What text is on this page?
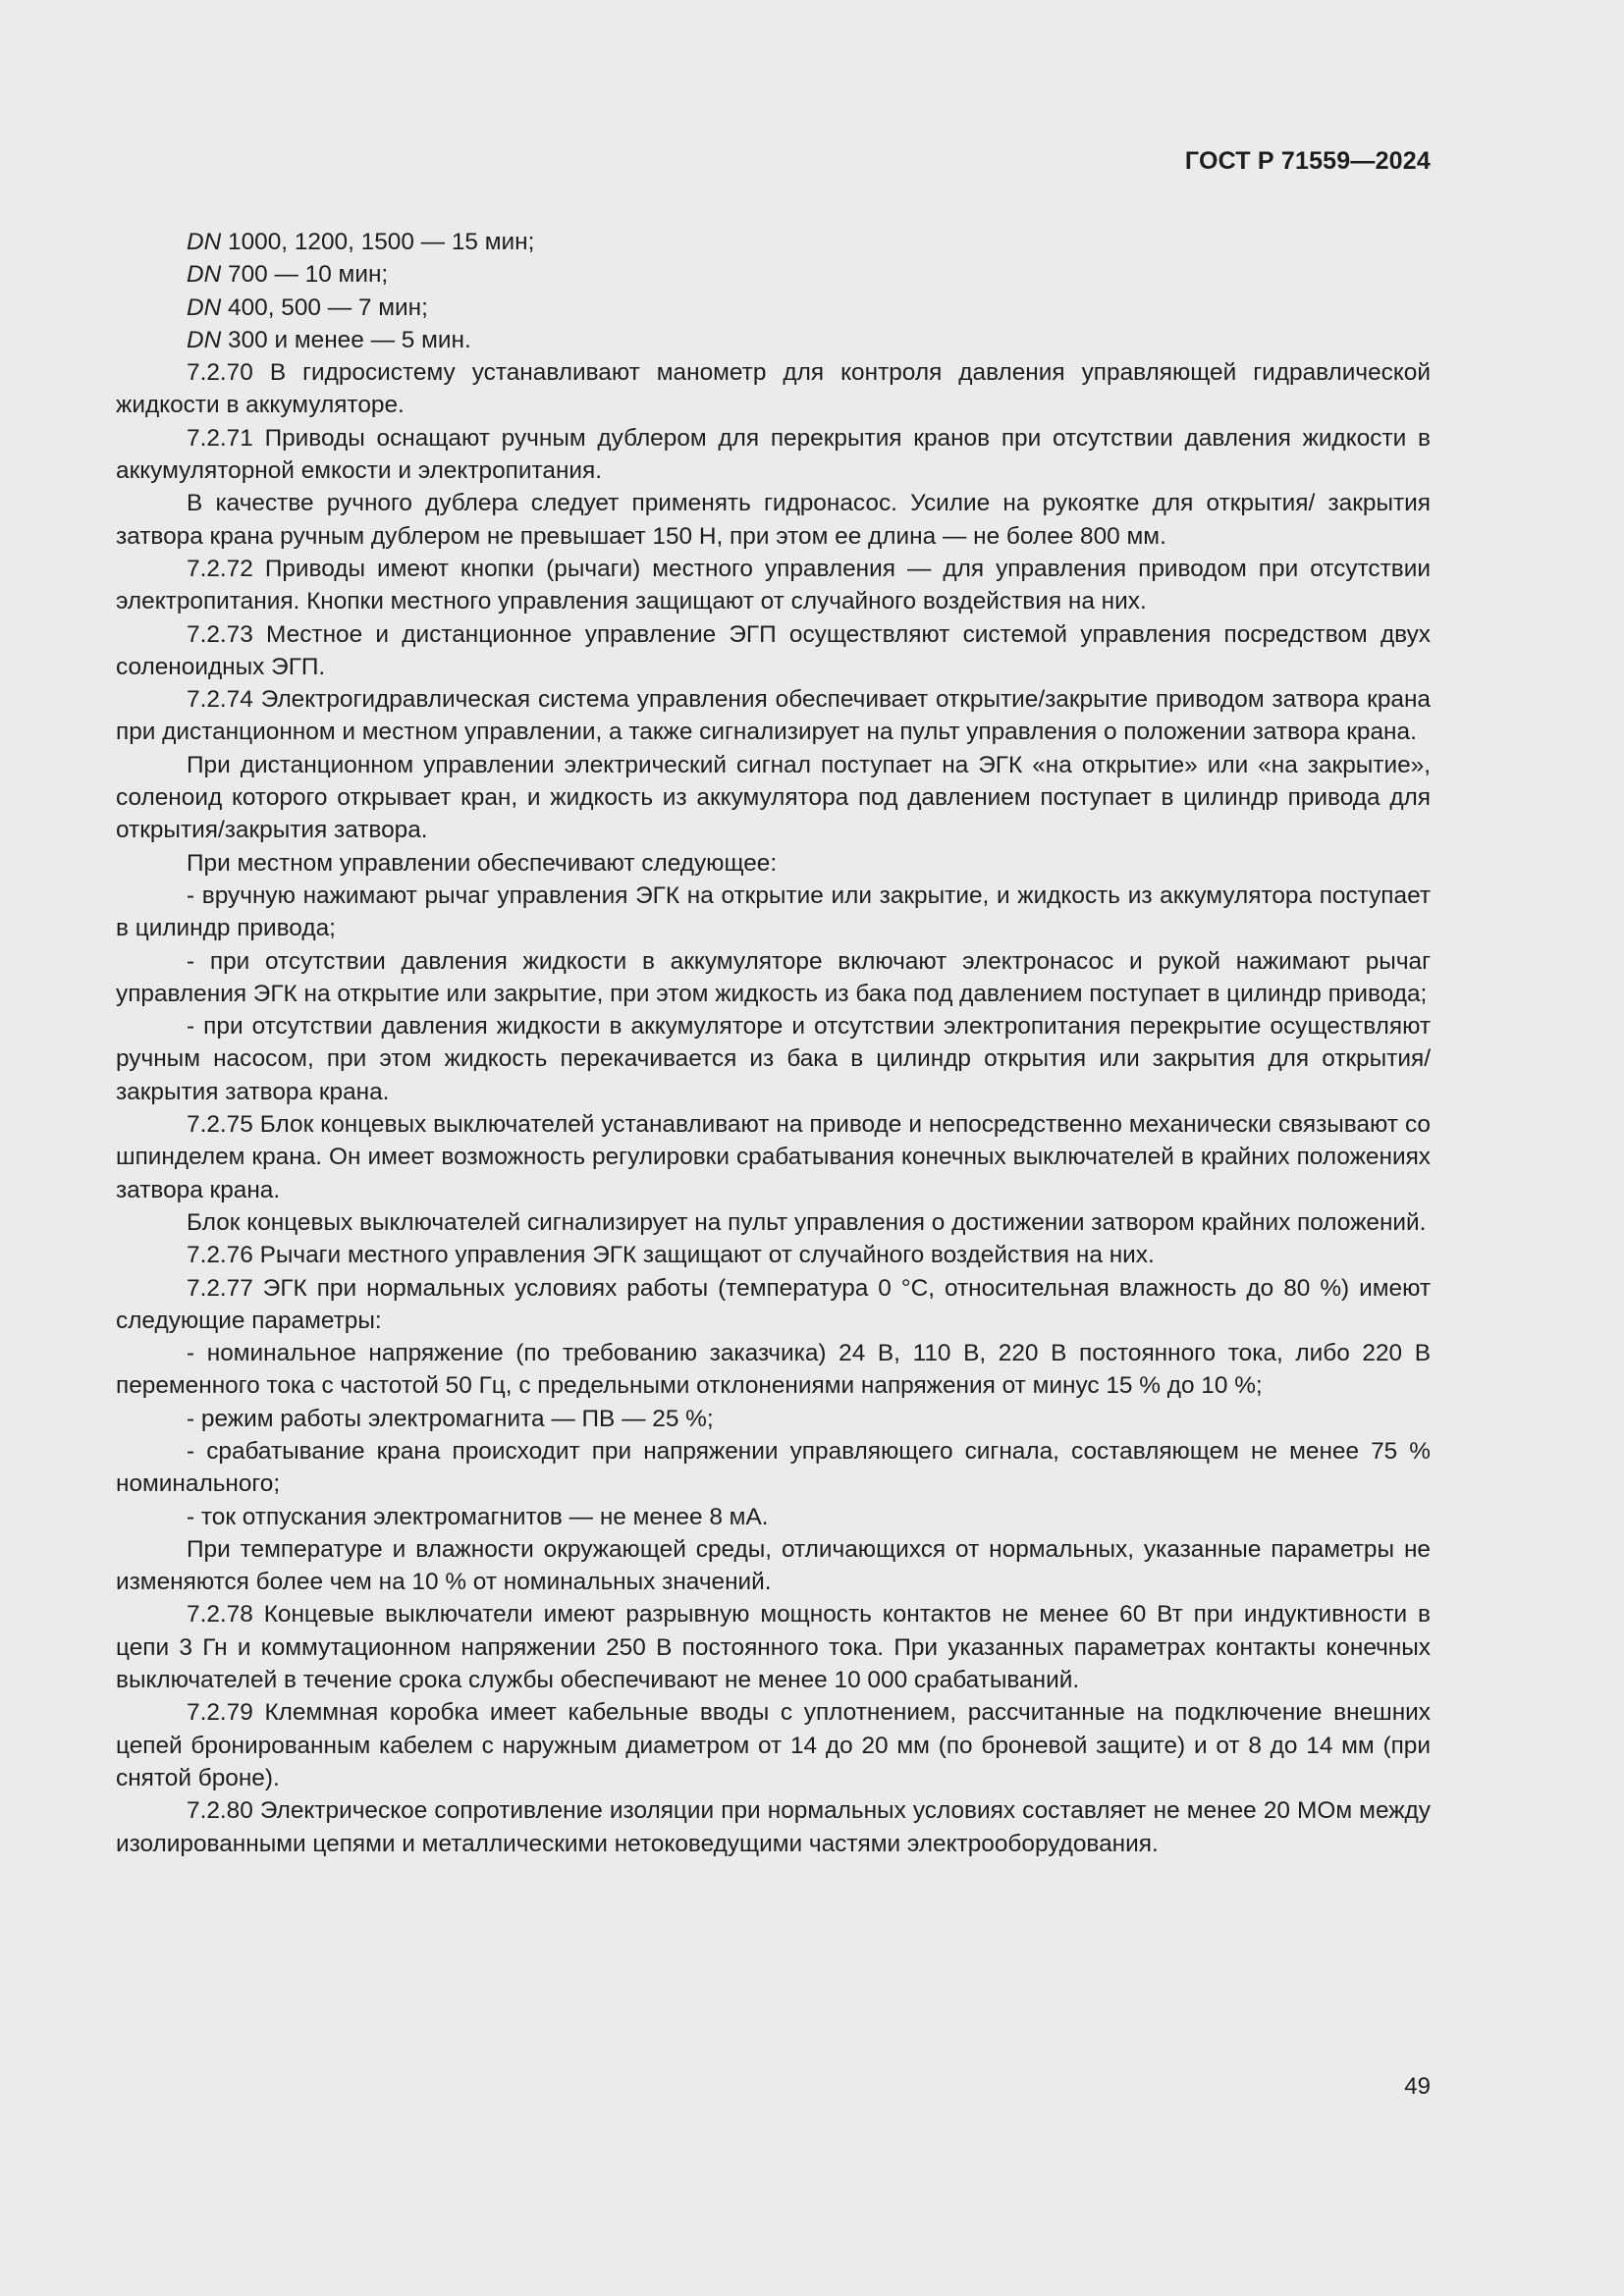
ГОСТ Р 71559—2024

DN 1000, 1200, 1500 — 15 мин;

DN 700 — 10 мин;

DN 400, 500 — 7 мин;

DN 300 и менее — 5 мин.

7.2.70 В гидросистему устанавливают манометр для контроля давления управляющей гидравлической жидкости в аккумуляторе.

7.2.71 Приводы оснащают ручным дублером для перекрытия кранов при отсутствии давления жидкости в аккумуляторной емкости и электропитания.

В качестве ручного дублера следует применять гидронасос. Усилие на рукоятке для открытия/ закрытия затвора крана ручным дублером не превышает 150 Н, при этом ее длина — не более 800 мм.

7.2.72 Приводы имеют кнопки (рычаги) местного управления — для управления приводом при отсутствии электропитания. Кнопки местного управления защищают от случайного воздействия на них.

7.2.73 Местное и дистанционное управление ЭГП осуществляют системой управления посредством двух соленоидных ЭГП.

7.2.74 Электрогидравлическая система управления обеспечивает открытие/закрытие приводом затвора крана при дистанционном и местном управлении, а также сигнализирует на пульт управления о положении затвора крана.

При дистанционном управлении электрический сигнал поступает на ЭГК «на открытие» или «на закрытие», соленоид которого открывает кран, и жидкость из аккумулятора под давлением поступает в цилиндр привода для открытия/закрытия затвора.

При местном управлении обеспечивают следующее:

- вручную нажимают рычаг управления ЭГК на открытие или закрытие, и жидкость из аккумулятора поступает в цилиндр привода;

- при отсутствии давления жидкости в аккумуляторе включают электронасос и рукой нажимают рычаг управления ЭГК на открытие или закрытие, при этом жидкость из бака под давлением поступает в цилиндр привода;

- при отсутствии давления жидкости в аккумуляторе и отсутствии электропитания перекрытие осуществляют ручным насосом, при этом жидкость перекачивается из бака в цилиндр открытия или закрытия для открытия/закрытия затвора крана.

7.2.75 Блок концевых выключателей устанавливают на приводе и непосредственно механически связывают со шпинделем крана. Он имеет возможность регулировки срабатывания конечных выключателей в крайних положениях затвора крана.

Блок концевых выключателей сигнализирует на пульт управления о достижении затвором крайних положений.

7.2.76 Рычаги местного управления ЭГК защищают от случайного воздействия на них.

7.2.77 ЭГК при нормальных условиях работы (температура 0 °С, относительная влажность до 80 %) имеют следующие параметры:

- номинальное напряжение (по требованию заказчика) 24 В, 110 В, 220 В постоянного тока, либо 220 В переменного тока с частотой 50 Гц, с предельными отклонениями напряжения от минус 15 % до 10 %;

- режим работы электромагнита — ПВ — 25 %;

- срабатывание крана происходит при напряжении управляющего сигнала, составляющем не менее 75 % номинального;

- ток отпускания электромагнитов — не менее 8 мА.

При температуре и влажности окружающей среды, отличающихся от нормальных, указанные параметры не изменяются более чем на 10 % от номинальных значений.

7.2.78 Концевые выключатели имеют разрывную мощность контактов не менее 60 Вт при индуктивности в цепи 3 Гн и коммутационном напряжении 250 В постоянного тока. При указанных параметрах контакты конечных выключателей в течение срока службы обеспечивают не менее 10 000 срабатываний.

7.2.79 Клеммная коробка имеет кабельные вводы с уплотнением, рассчитанные на подключение внешних цепей бронированным кабелем с наружным диаметром от 14 до 20 мм (по броневой защите) и от 8 до 14 мм (при снятой броне).

7.2.80 Электрическое сопротивление изоляции при нормальных условиях составляет не менее 20 МОм между изолированными цепями и металлическими нетоковедущими частями электрооборудования.

49
